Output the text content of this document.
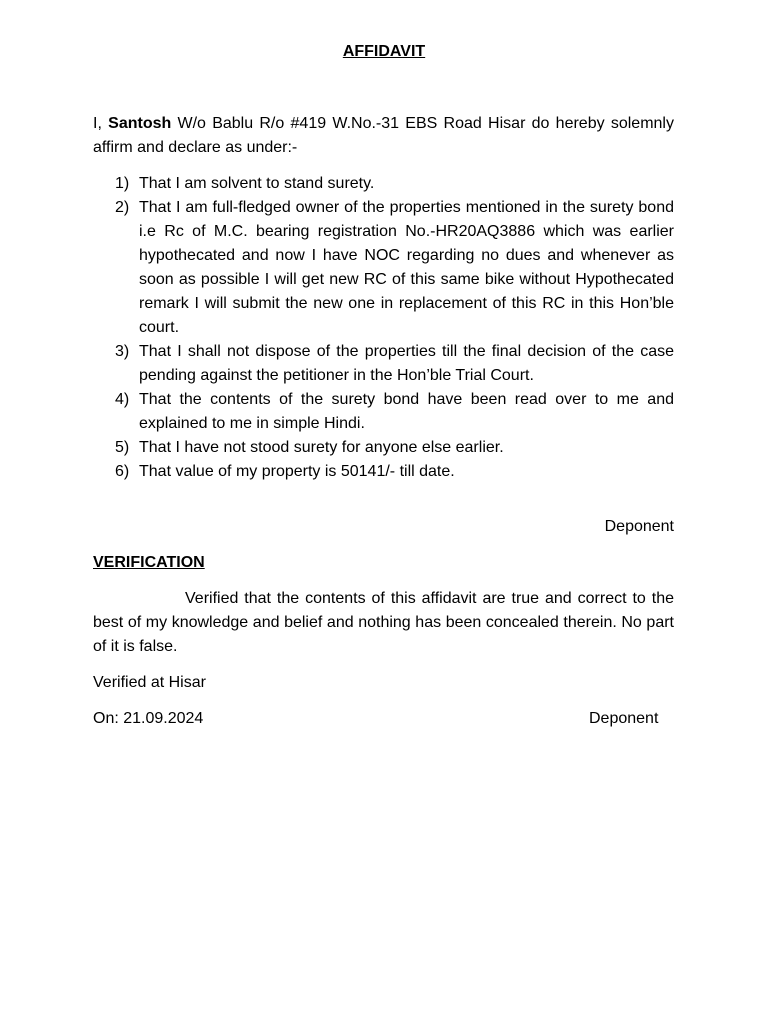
AFFIDAVIT

I, Santosh W/o Bablu R/o #419 W.No.-31 EBS Road Hisar do hereby solemnly affirm and declare as under:-

1) That I am solvent to stand surety.
2) That I am full-fledged owner of the properties mentioned in the surety bond i.e Rc of M.C. bearing registration No.-HR20AQ3886 which was earlier hypothecated and now I have NOC regarding no dues and whenever as soon as possible I will get new RC of this same bike without Hypothecated remark I will submit the new one in replacement of this RC in this Hon’ble court.
3) That I shall not dispose of the properties till the final decision of the case pending against the petitioner in the Hon’ble Trial Court.
4) That the contents of the surety bond have been read over to me and explained to me in simple Hindi.
5) That I have not stood surety for anyone else earlier.
6) That value of my property is 50141/- till date.
Deponent
VERIFICATION
Verified that the contents of this affidavit are true and correct to the best of my knowledge and belief and nothing has been concealed therein. No part of it is false.
Verified at Hisar
On: 21.09.2024	Deponent
